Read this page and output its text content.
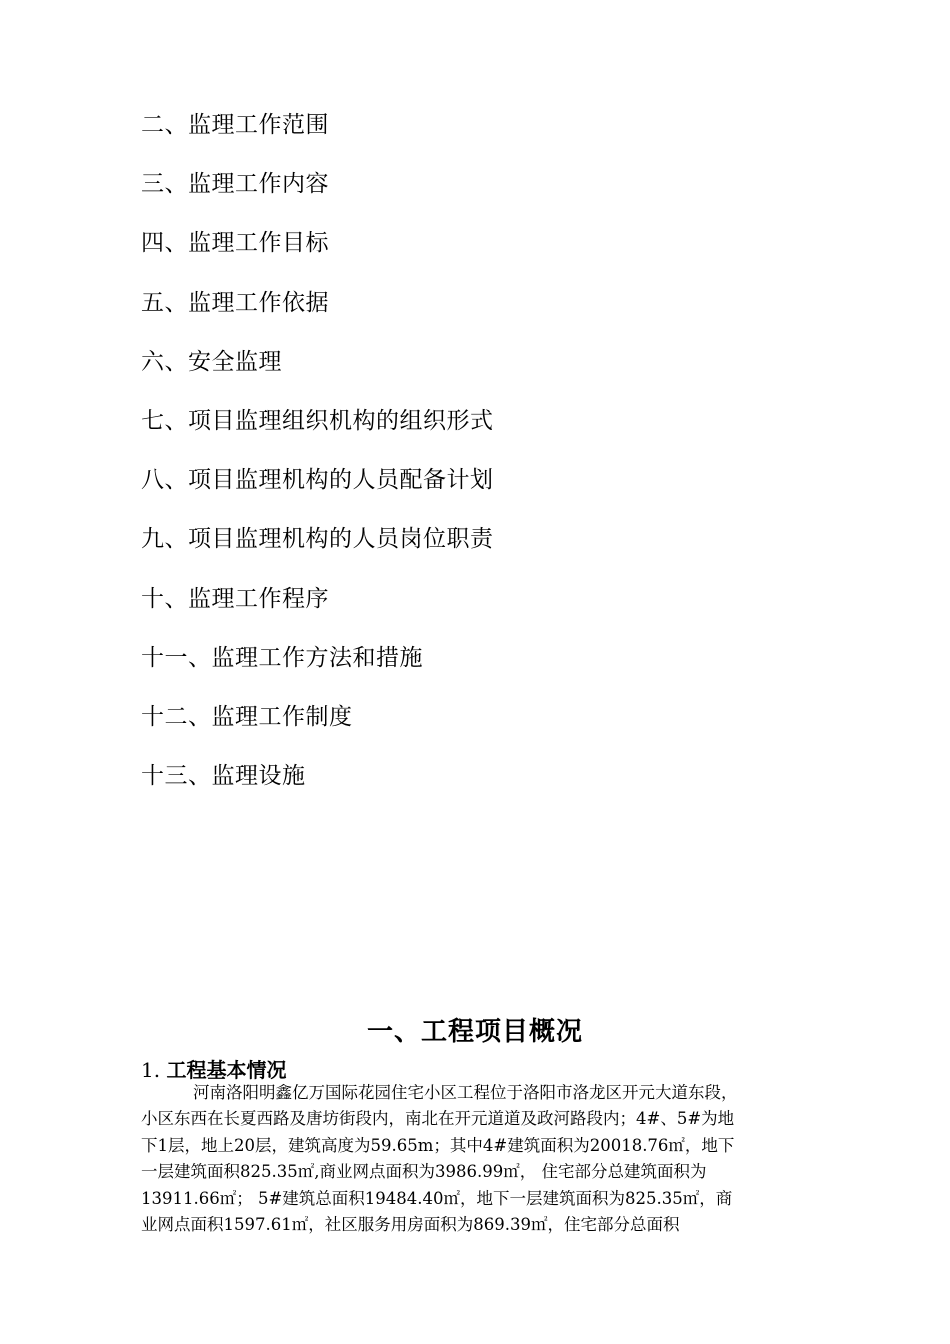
二、监理工作范围
三、监理工作内容
四、监理工作目标
五、监理工作依据
六、安全监理
七、项目监理组织机构的组织形式
八、项目监理机构的人员配备计划
九、项目监理机构的人员岗位职责
十、监理工作程序
十一、监理工作方法和措施
十二、监理工作制度
十三、监理设施
一、工程项目概况
1. 工程基本情况
河南洛阳明鑫亿万国际花园住宅小区工程位于洛阳市洛龙区开元大道东段，
小区东西在长夏西路及唐坊街段内，南北在开元道道及政河路段内；4#、5#为地
下1层，地上20层，建筑高度为59.65m；其中4#建筑面积为20018.76㎡，地下
一层建筑面积825.35㎡,商业网点面积为3986.99㎡， 住宅部分总建筑面积为
13911.66㎡； 5#建筑总面积19484.40㎡，地下一层建筑面积为825.35㎡，商
业网点面积1597.61㎡，社区服务用房面积为869.39㎡，住宅部分总面积
